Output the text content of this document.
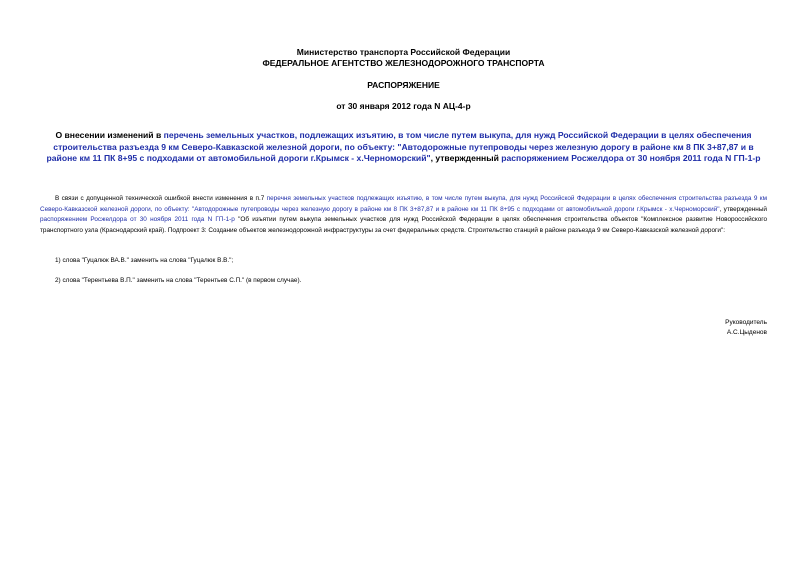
Министерство транспорта Российской Федерации
ФЕДЕРАЛЬНОЕ АГЕНТСТВО ЖЕЛЕЗНОДОРОЖНОГО ТРАНСПОРТА
РАСПОРЯЖЕНИЕ
от 30 января 2012 года N АЦ-4-р
О внесении изменений в перечень земельных участков, подлежащих изъятию, в том числе путем выкупа, для нужд Российской Федерации в целях обеспечения строительства разъезда 9 км Северо-Кавказской железной дороги, по объекту: "Автодорожные путепроводы через железную дорогу в районе км 8 ПК 3+87,87 и в районе км 11 ПК 8+95 с подходами от автомобильной дороги г.Крымск - х.Черноморский", утвержденный распоряжением Росжелдора от 30 ноября 2011 года N ГП-1-р

В связи с допущенной технической ошибкой внести изменения в п.7 перечня земельных участков подлежащих изъятию, в том числе путем выкупа, для нужд Российской Федерации в целях обеспечения строительства разъезда 9 км Северо-Кавказской железной дороги, по объекту: "Автодорожные путепроводы через железную дорогу в районе км 8 ПК 3+87,87 и в районе км 11 ПК 8+95 с подходами от автомобильной дороги г.Крымск - х.Черноморский", утвержденный распоряжением Росжелдора от 30 ноября 2011 года N ГП-1-р "Об изъятии путем выкупа земельных участков для нужд Российской Федерации в целях обеспечения строительства объектов "Комплексное развитие Новороссийского транспортного узла (Краснодарский край). Подпроект 3: Создание объектов железнодорожной инфраструктуры за счет федеральных средств. Строительство станций в районе разъезда 9 км Северо-Кавказской железной дороги":

1) слова "Гуцалюк ВА.В." заменить на слова "Гуцалюк В.В.";
2) слова "Терентьева В.П." заменить на слова "Терентьев С.П." (в первом случае).
Руководитель
А.С.Цыденов
